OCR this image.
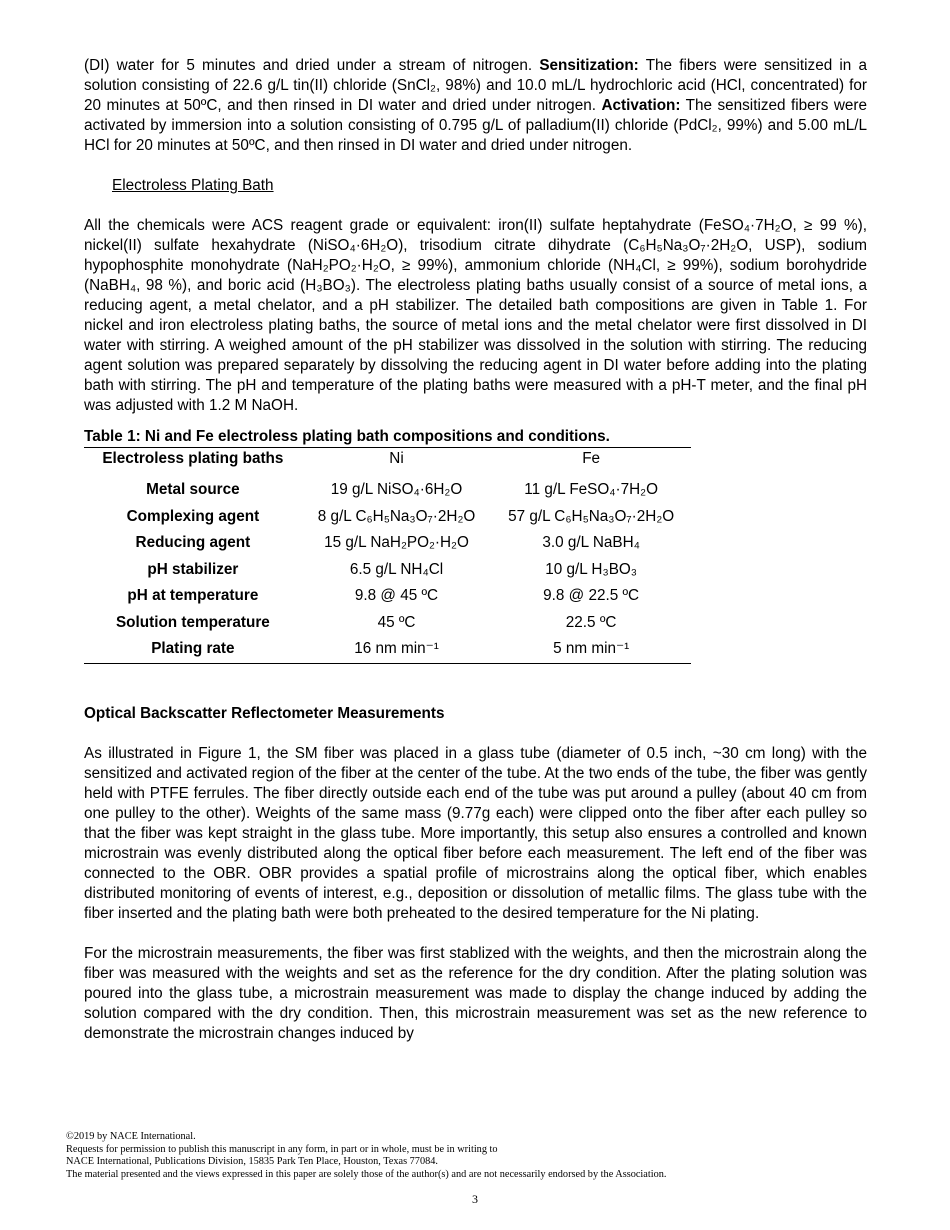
(DI) water for 5 minutes and dried under a stream of nitrogen. Sensitization: The fibers were sensitized in a solution consisting of 22.6 g/L tin(II) chloride (SnCl₂, 98%) and 10.0 mL/L hydrochloric acid (HCl, concentrated) for 20 minutes at 50ºC, and then rinsed in DI water and dried under nitrogen. Activation: The sensitized fibers were activated by immersion into a solution consisting of 0.795 g/L of palladium(II) chloride (PdCl₂, 99%) and 5.00 mL/L HCl for 20 minutes at 50ºC, and then rinsed in DI water and dried under nitrogen.

Electroless Plating Bath

All the chemicals were ACS reagent grade or equivalent: iron(II) sulfate heptahydrate (FeSO₄·7H₂O, ≥ 99 %), nickel(II) sulfate hexahydrate (NiSO₄·6H₂O), trisodium citrate dihydrate (C₆H₅Na₃O₇·2H₂O, USP), sodium hypophosphite monohydrate (NaH₂PO₂·H₂O, ≥ 99%), ammonium chloride (NH₄Cl, ≥ 99%), sodium borohydride (NaBH₄, 98 %), and boric acid (H₃BO₃). The electroless plating baths usually consist of a source of metal ions, a reducing agent, a metal chelator, and a pH stabilizer. The detailed bath compositions are given in Table 1. For nickel and iron electroless plating baths, the source of metal ions and the metal chelator were first dissolved in DI water with stirring. A weighed amount of the pH stabilizer was dissolved in the solution with stirring. The reducing agent solution was prepared separately by dissolving the reducing agent in DI water before adding into the plating bath with stirring. The pH and temperature of the plating baths were measured with a pH-T meter, and the final pH was adjusted with 1.2 M NaOH.

Table 1: Ni and Fe electroless plating bath compositions and conditions.
Electroless plating baths	Ni	Fe
Metal source	19 g/L NiSO₄·6H₂O	11 g/L FeSO₄·7H₂O
Complexing agent	8 g/L C₆H₅Na₃O₇·2H₂O	57 g/L C₆H₅Na₃O₇·2H₂O
Reducing agent	15 g/L NaH₂PO₂·H₂O	3.0 g/L NaBH₄
pH stabilizer	6.5 g/L NH₄Cl	10 g/L H₃BO₃
pH at temperature	9.8 @ 45 ºC	9.8 @ 22.5 ºC
Solution temperature	45 ºC	22.5 ºC
Plating rate	16 nm min⁻¹	5 nm min⁻¹

Optical Backscatter Reflectometer Measurements

As illustrated in Figure 1, the SM fiber was placed in a glass tube (diameter of 0.5 inch, ~30 cm long) with the sensitized and activated region of the fiber at the center of the tube. At the two ends of the tube, the fiber was gently held with PTFE ferrules. The fiber directly outside each end of the tube was put around a pulley (about 40 cm from one pulley to the other). Weights of the same mass (9.77g each) were clipped onto the fiber after each pulley so that the fiber was kept straight in the glass tube. More importantly, this setup also ensures a controlled and known microstrain was evenly distributed along the optical fiber before each measurement. The left end of the fiber was connected to the OBR. OBR provides a spatial profile of microstrains along the optical fiber, which enables distributed monitoring of events of interest, e.g., deposition or dissolution of metallic films. The glass tube with the fiber inserted and the plating bath were both preheated to the desired temperature for the Ni plating.

For the microstrain measurements, the fiber was first stablized with the weights, and then the microstrain along the fiber was measured with the weights and set as the reference for the dry condition. After the plating solution was poured into the glass tube, a microstrain measurement was made to display the change induced by adding the solution compared with the dry condition. Then, this microstrain measurement was set as the new reference to demonstrate the microstrain changes induced by

©2019 by NACE International.
Requests for permission to publish this manuscript in any form, in part or in whole, must be in writing to
NACE International, Publications Division, 15835 Park Ten Place, Houston, Texas 77084.
The material presented and the views expressed in this paper are solely those of the author(s) and are not necessarily endorsed by the Association.
3
